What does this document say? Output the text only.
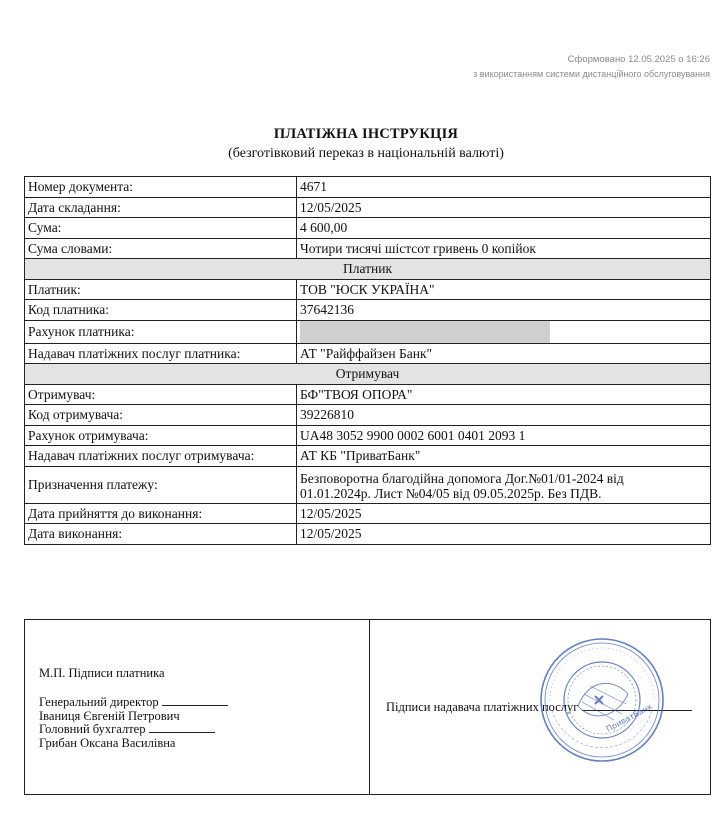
Сформовано 12.05.2025 о 16:26
з використанням системи дистанційного обслуговування
ПЛАТІЖНА ІНСТРУКЦІЯ
(безготівковий переказ в національній валюті)
Номер документа:	4671
Дата складання:	12/05/2025
Сума:	4 600,00
Сума словами:	Чотири тисячі шістсот гривень 0 копійок
Платник	
Платник:	ТОВ "ЮСК УКРАЇНА"
Код платника:	37642136
Рахунок платника:	
Надавач платіжних послуг платника:	АТ "Райффайзен Банк"
Отримувач	
Отримувач:	БФ"ТВОЯ ОПОРА"
Код отримувача:	39226810
Рахунок отримувача:	UA48 3052 9900 0002 6001 0401 2093 1
Надавач платіжних послуг отримувача:	АТ КБ "ПриватБанк"
Призначення платежу:	Безповоротна благодійна допомога Дог.№01/01-2024 від
01.01.2024р. Лист №04/05 від 09.05.2025р. Без ПДВ.
Дата прийняття до виконання:	12/05/2025
Дата виконання:	12/05/2025
М.П. Підписи платника
Генеральний директор
Іваниця Євгеній Петрович
Головний бухгалтер
Грибан Оксана Василівна
Підписи надавача платіжних послуг	ПриватБанк
